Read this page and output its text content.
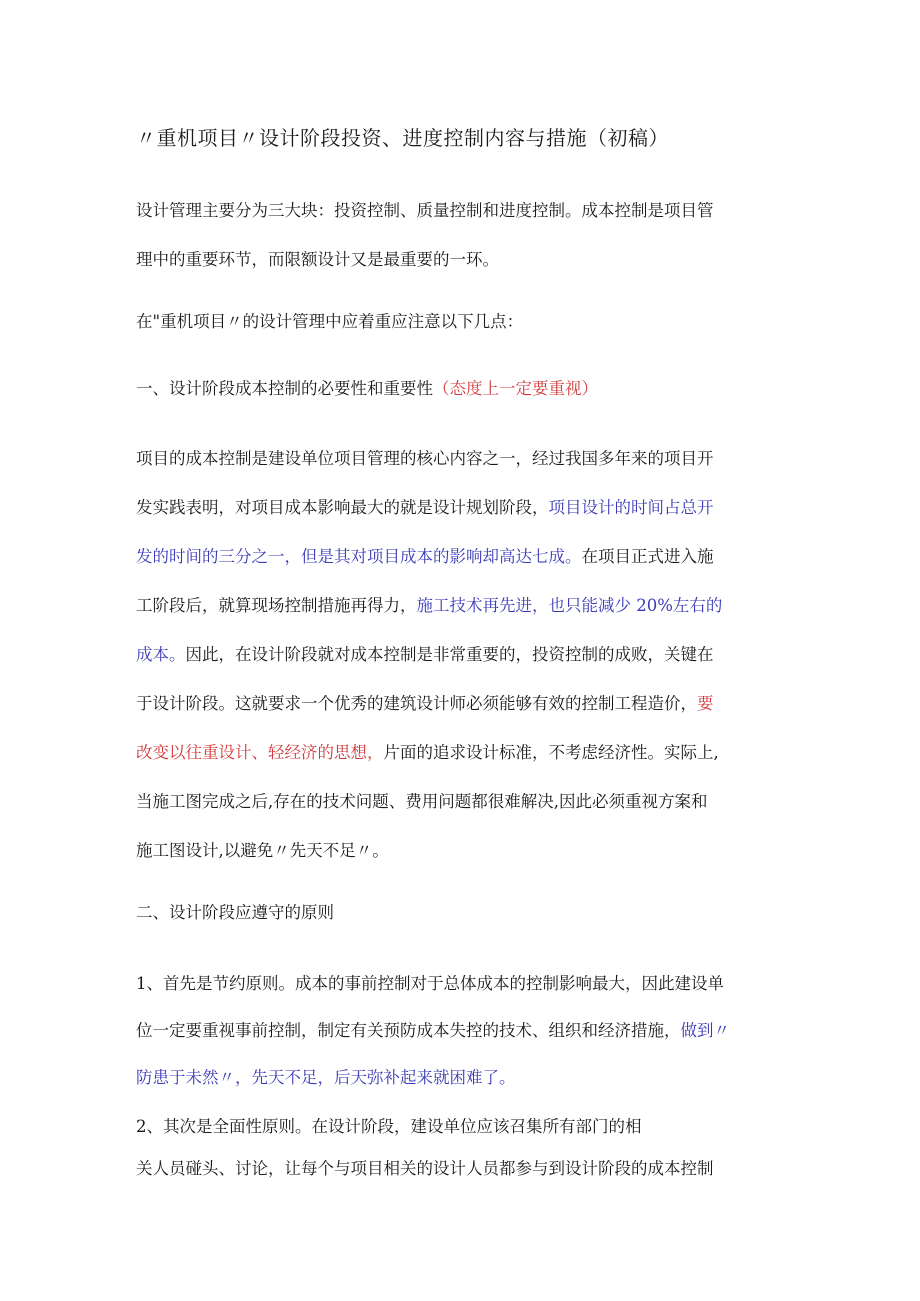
〃重机项目〃设计阶段投资、进度控制内容与措施（初稿）
设计管理主要分为三大块：投资控制、质量控制和进度控制。成本控制是项目管
理中的重要环节，而限额设计又是最重要的一环。
在"重机项目〃的设计管理中应着重应注意以下几点：
一、设计阶段成本控制的必要性和重要性（态度上一定要重视）
项目的成本控制是建设单位项目管理的核心内容之一，经过我国多年来的项目开
发实践表明，对项目成本影响最大的就是设计规划阶段，项目设计的时间占总开
发的时间的三分之一，但是其对项目成本的影响却高达七成。在项目正式进入施
工阶段后，就算现场控制措施再得力，施工技术再先进，也只能减少 20%左右的
成本。因此，在设计阶段就对成本控制是非常重要的，投资控制的成败，关键在
于设计阶段。这就要求一个优秀的建筑设计师必须能够有效的控制工程造价，要
改变以往重设计、轻经济的思想，片面的追求设计标准，不考虑经济性。实际上,
当施工图完成之后,存在的技术问题、费用问题都很难解决,因此必须重视方案和
施工图设计,以避免〃先天不足〃。
二、设计阶段应遵守的原则
1、首先是节约原则。成本的事前控制对于总体成本的控制影响最大，因此建设单
位一定要重视事前控制，制定有关预防成本失控的技术、组织和经济措施，做到〃
防患于未然〃，先天不足，后天弥补起来就困难了。
2、其次是全面性原则。在设计阶段，建设单位应该召集所有部门的相
关人员碰头、讨论，让每个与项目相关的设计人员都参与到设计阶段的成本控制
